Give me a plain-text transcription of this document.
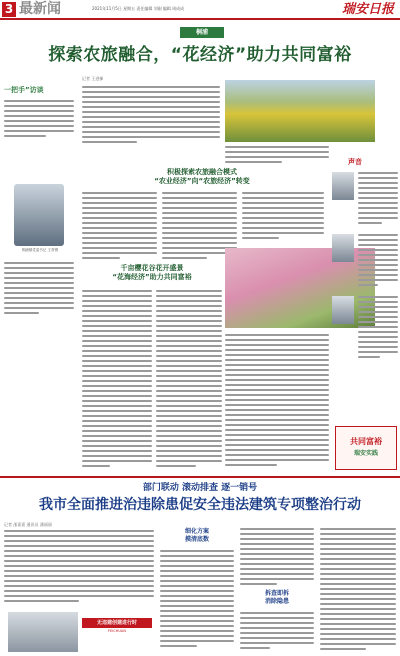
3 最新闻	2021年11月5日 星期五 责任编辑 刘刚 编辑 周成成	瑞安日报
桐浦
探索农旅融合，“花经济”助力共同富裕
记者 王进梯
一把手”访谈
桐浦镇党委书记 王青钢
积极探索农旅融合模式
“农业经济”向“农旅经济”转变
千亩樱花谷花开盛景
“花海经济”助力共同富裕
声音
共同富裕
瑞安实践
部门联动 滚动排查 逐一销号
我市全面推进治违除患促安全违法建筑专项整治行动
记者 邵嘉嘉 通讯员 潘丽丽
无违建创建进行时
FEICHUAN
细化方案
摸清底数
拆查即拆
消除隐患
